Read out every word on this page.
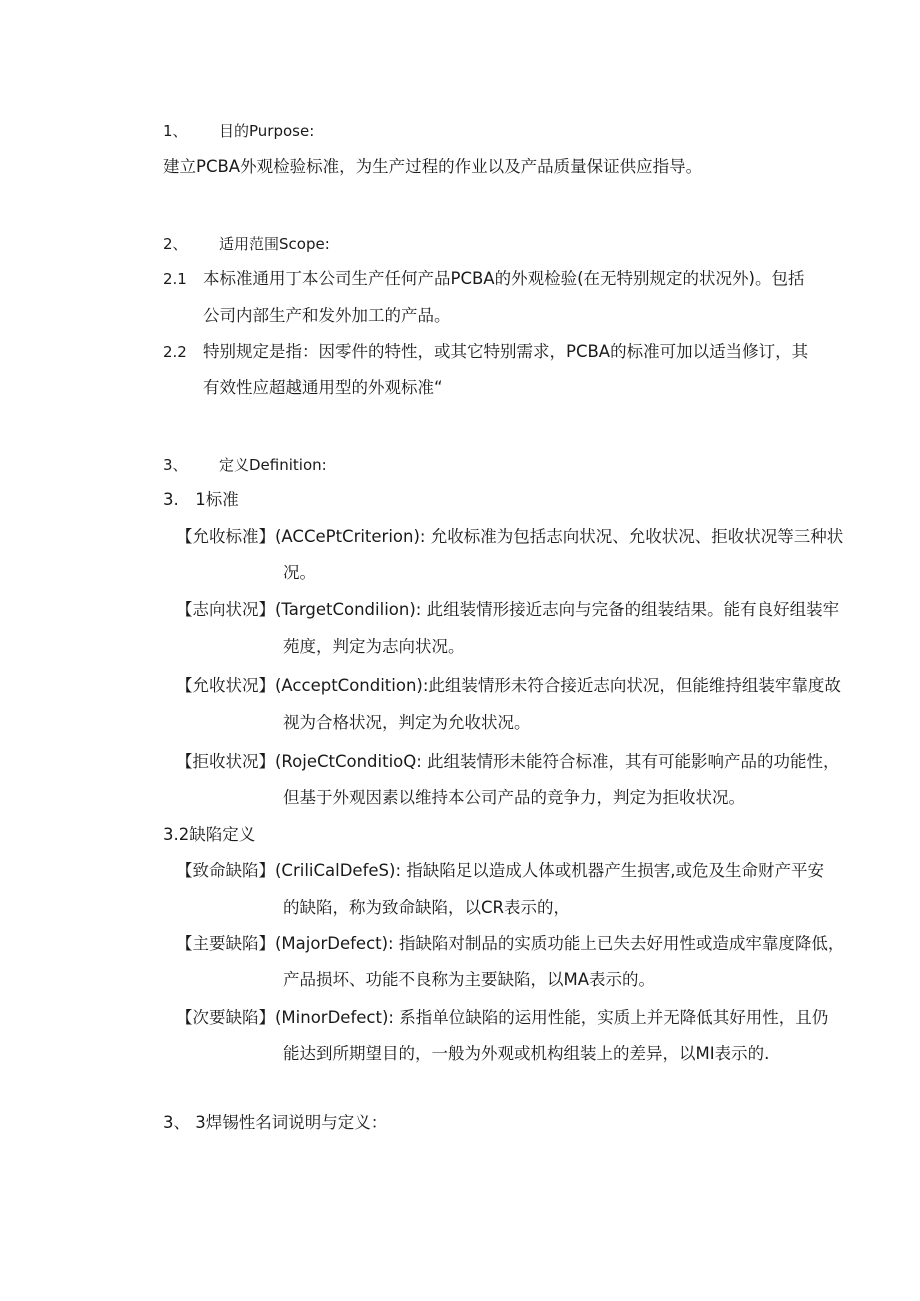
1、 目的Purpose:
建立PCBA外观检验标准，为生产过程的作业以及产品质量保证供应指导。
2、 适用范围Scope:
2.1 本标准通用丁本公司生产任何产品PCBA的外观检验(在无特别规定的状况外)。包括
公司内部生产和发外加工的产品。
2.2 特别规定是指：因零件的特性，或其它特别需求，PCBA的标准可加以适当修订，其
有效性应超越通用型的外观标准“
3、 定义Definition:
3.　1标准
【允收标准】(ACCePtCriterion): 允收标准为包括志向状况、允收状况、拒收状况等三种状
况。
【志向状况】(TargetCondilion): 此组装情形接近志向与完备的组装结果。能有良好组装牢
苑度，判定为志向状况。
【允收状况】(AcceptCondition):此组装情形未符合接近志向状况，但能维持组装牢靠度故
视为合格状况，判定为允收状况。
【拒收状况】(RojeCtConditioQ: 此组装情形未能符合标准，其有可能影响产品的功能性，
但基于外观因素以维持本公司产品的竞争力，判定为拒收状况。
3.2缺陷定义
【致命缺陷】(CriliCalDefeS): 指缺陷足以造成人体或机器产生损害,或危及生命财产平安
的缺陷，称为致命缺陷，以CR表示的，
【主要缺陷】(MajorDefect): 指缺陷对制品的实质功能上已失去好用性或造成牢靠度降低，
产品损坏、功能不良称为主要缺陷，以MA表示的。
【次要缺陷】(MinorDefect): 系指单位缺陷的运用性能，实质上并无降低其好用性，且仍
能达到所期望目的，一般为外观或机构组装上的差异，以MI表示的.
3、 3焊锡性名词说明与定义：
